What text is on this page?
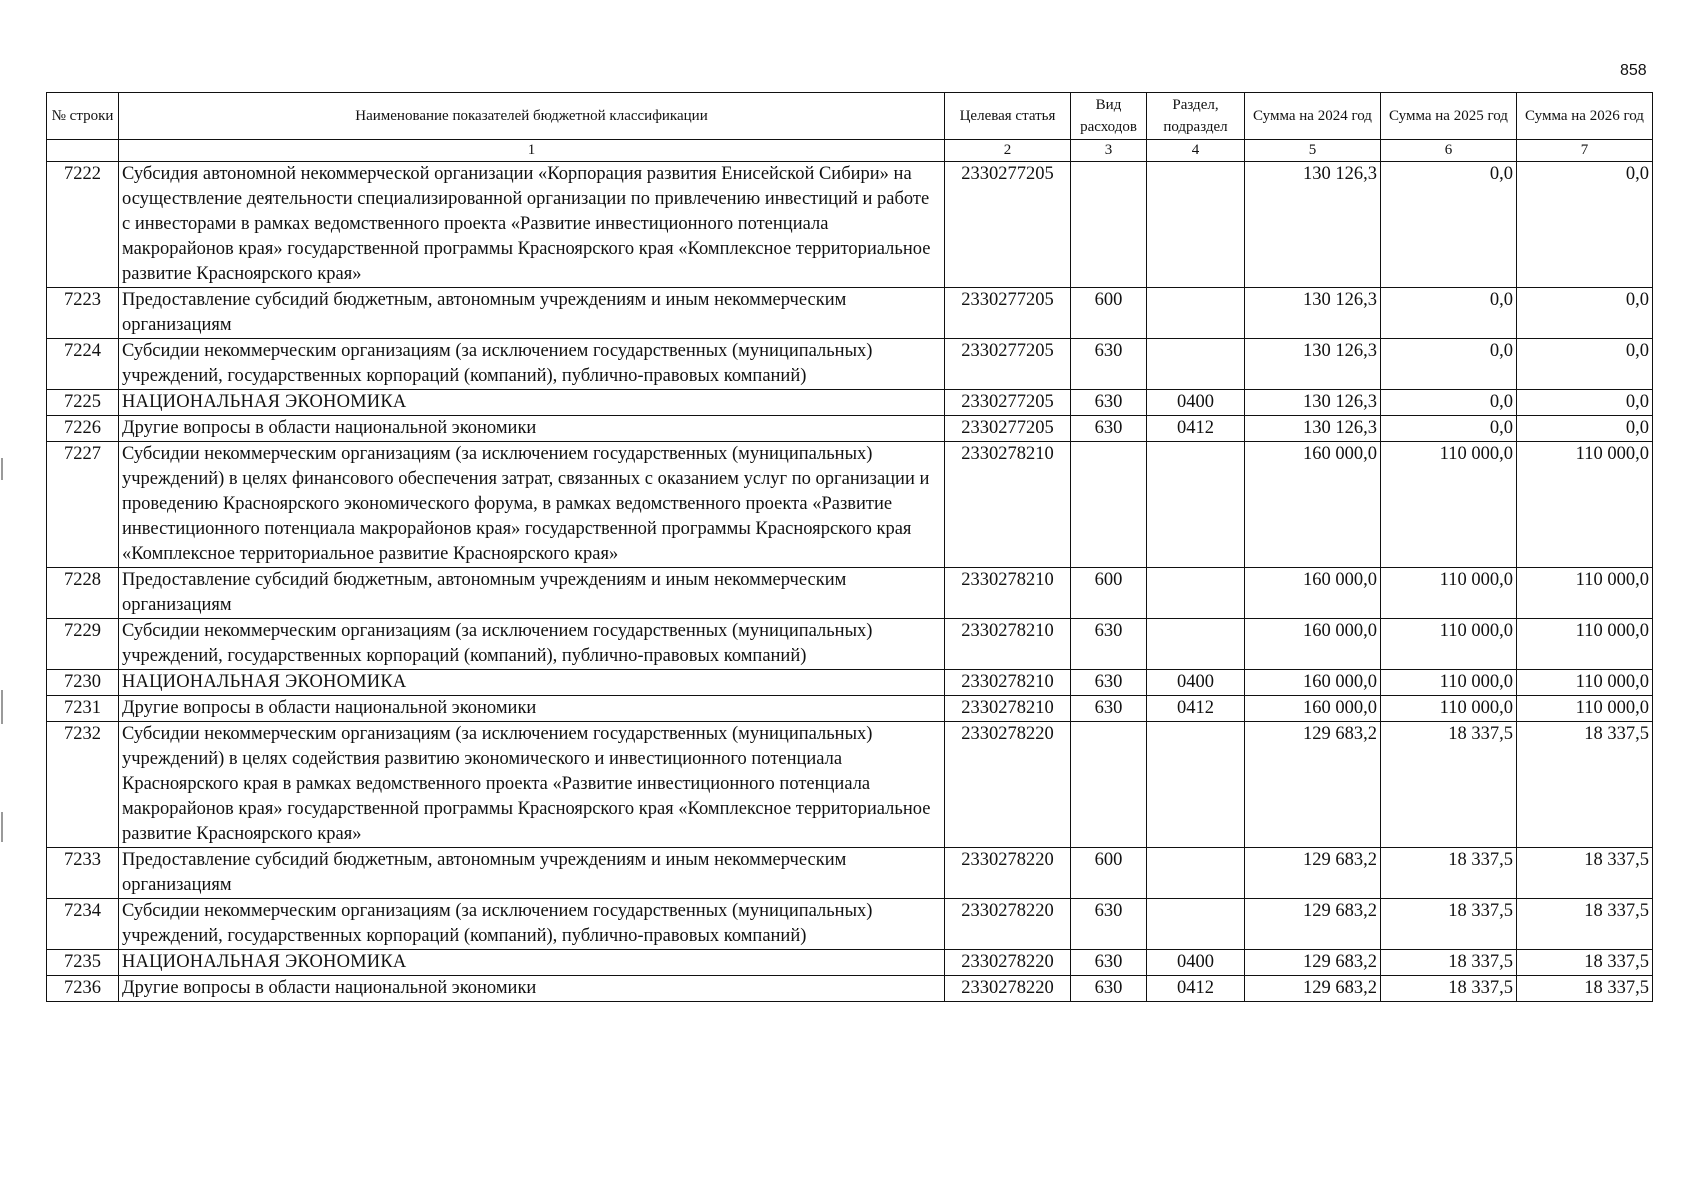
858
№ строки	Наименование показателей бюджетной классификации	Целевая статья	Вид расходов	Раздел, подраздел	Сумма на 2024 год	Сумма на 2025 год	Сумма на 2026 год
	1	2	3	4	5	6	7
7222	Субсидия автономной некоммерческой организации «Корпорация развития Енисейской Сибири» на осуществление деятельности специализированной организации по привлечению инвестиций и работе с инвесторами в рамках ведомственного проекта «Развитие инвестиционного потенциала макрорайонов края» государственной программы Красноярского края «Комплексное территориальное развитие Красноярского края»	2330277205			130 126,3	0,0	0,0
7223	Предоставление субсидий бюджетным, автономным учреждениям и иным некоммерческим организациям	2330277205	600		130 126,3	0,0	0,0
7224	Субсидии некоммерческим организациям (за исключением государственных (муниципальных) учреждений, государственных корпораций (компаний), публично-правовых компаний)	2330277205	630		130 126,3	0,0	0,0
7225	НАЦИОНАЛЬНАЯ ЭКОНОМИКА	2330277205	630	0400	130 126,3	0,0	0,0
7226	Другие вопросы в области национальной экономики	2330277205	630	0412	130 126,3	0,0	0,0
7227	Субсидии некоммерческим организациям (за исключением государственных (муниципальных) учреждений) в целях финансового обеспечения затрат, связанных с оказанием услуг по организации и проведению Красноярского экономического форума, в рамках ведомственного проекта «Развитие инвестиционного потенциала макрорайонов края» государственной программы Красноярского края «Комплексное территориальное развитие Красноярского края»	2330278210			160 000,0	110 000,0	110 000,0
7228	Предоставление субсидий бюджетным, автономным учреждениям и иным некоммерческим организациям	2330278210	600		160 000,0	110 000,0	110 000,0
7229	Субсидии некоммерческим организациям (за исключением государственных (муниципальных) учреждений, государственных корпораций (компаний), публично-правовых компаний)	2330278210	630		160 000,0	110 000,0	110 000,0
7230	НАЦИОНАЛЬНАЯ ЭКОНОМИКА	2330278210	630	0400	160 000,0	110 000,0	110 000,0
7231	Другие вопросы в области национальной экономики	2330278210	630	0412	160 000,0	110 000,0	110 000,0
7232	Субсидии некоммерческим организациям (за исключением государственных (муниципальных) учреждений) в целях содействия развитию экономического и инвестиционного потенциала Красноярского края в рамках ведомственного проекта «Развитие инвестиционного потенциала макрорайонов края» государственной программы Красноярского края «Комплексное территориальное развитие Красноярского края»	2330278220			129 683,2	18 337,5	18 337,5
7233	Предоставление субсидий бюджетным, автономным учреждениям и иным некоммерческим организациям	2330278220	600		129 683,2	18 337,5	18 337,5
7234	Субсидии некоммерческим организациям (за исключением государственных (муниципальных) учреждений, государственных корпораций (компаний), публично-правовых компаний)	2330278220	630		129 683,2	18 337,5	18 337,5
7235	НАЦИОНАЛЬНАЯ ЭКОНОМИКА	2330278220	630	0400	129 683,2	18 337,5	18 337,5
7236	Другие вопросы в области национальной экономики	2330278220	630	0412	129 683,2	18 337,5	18 337,5
